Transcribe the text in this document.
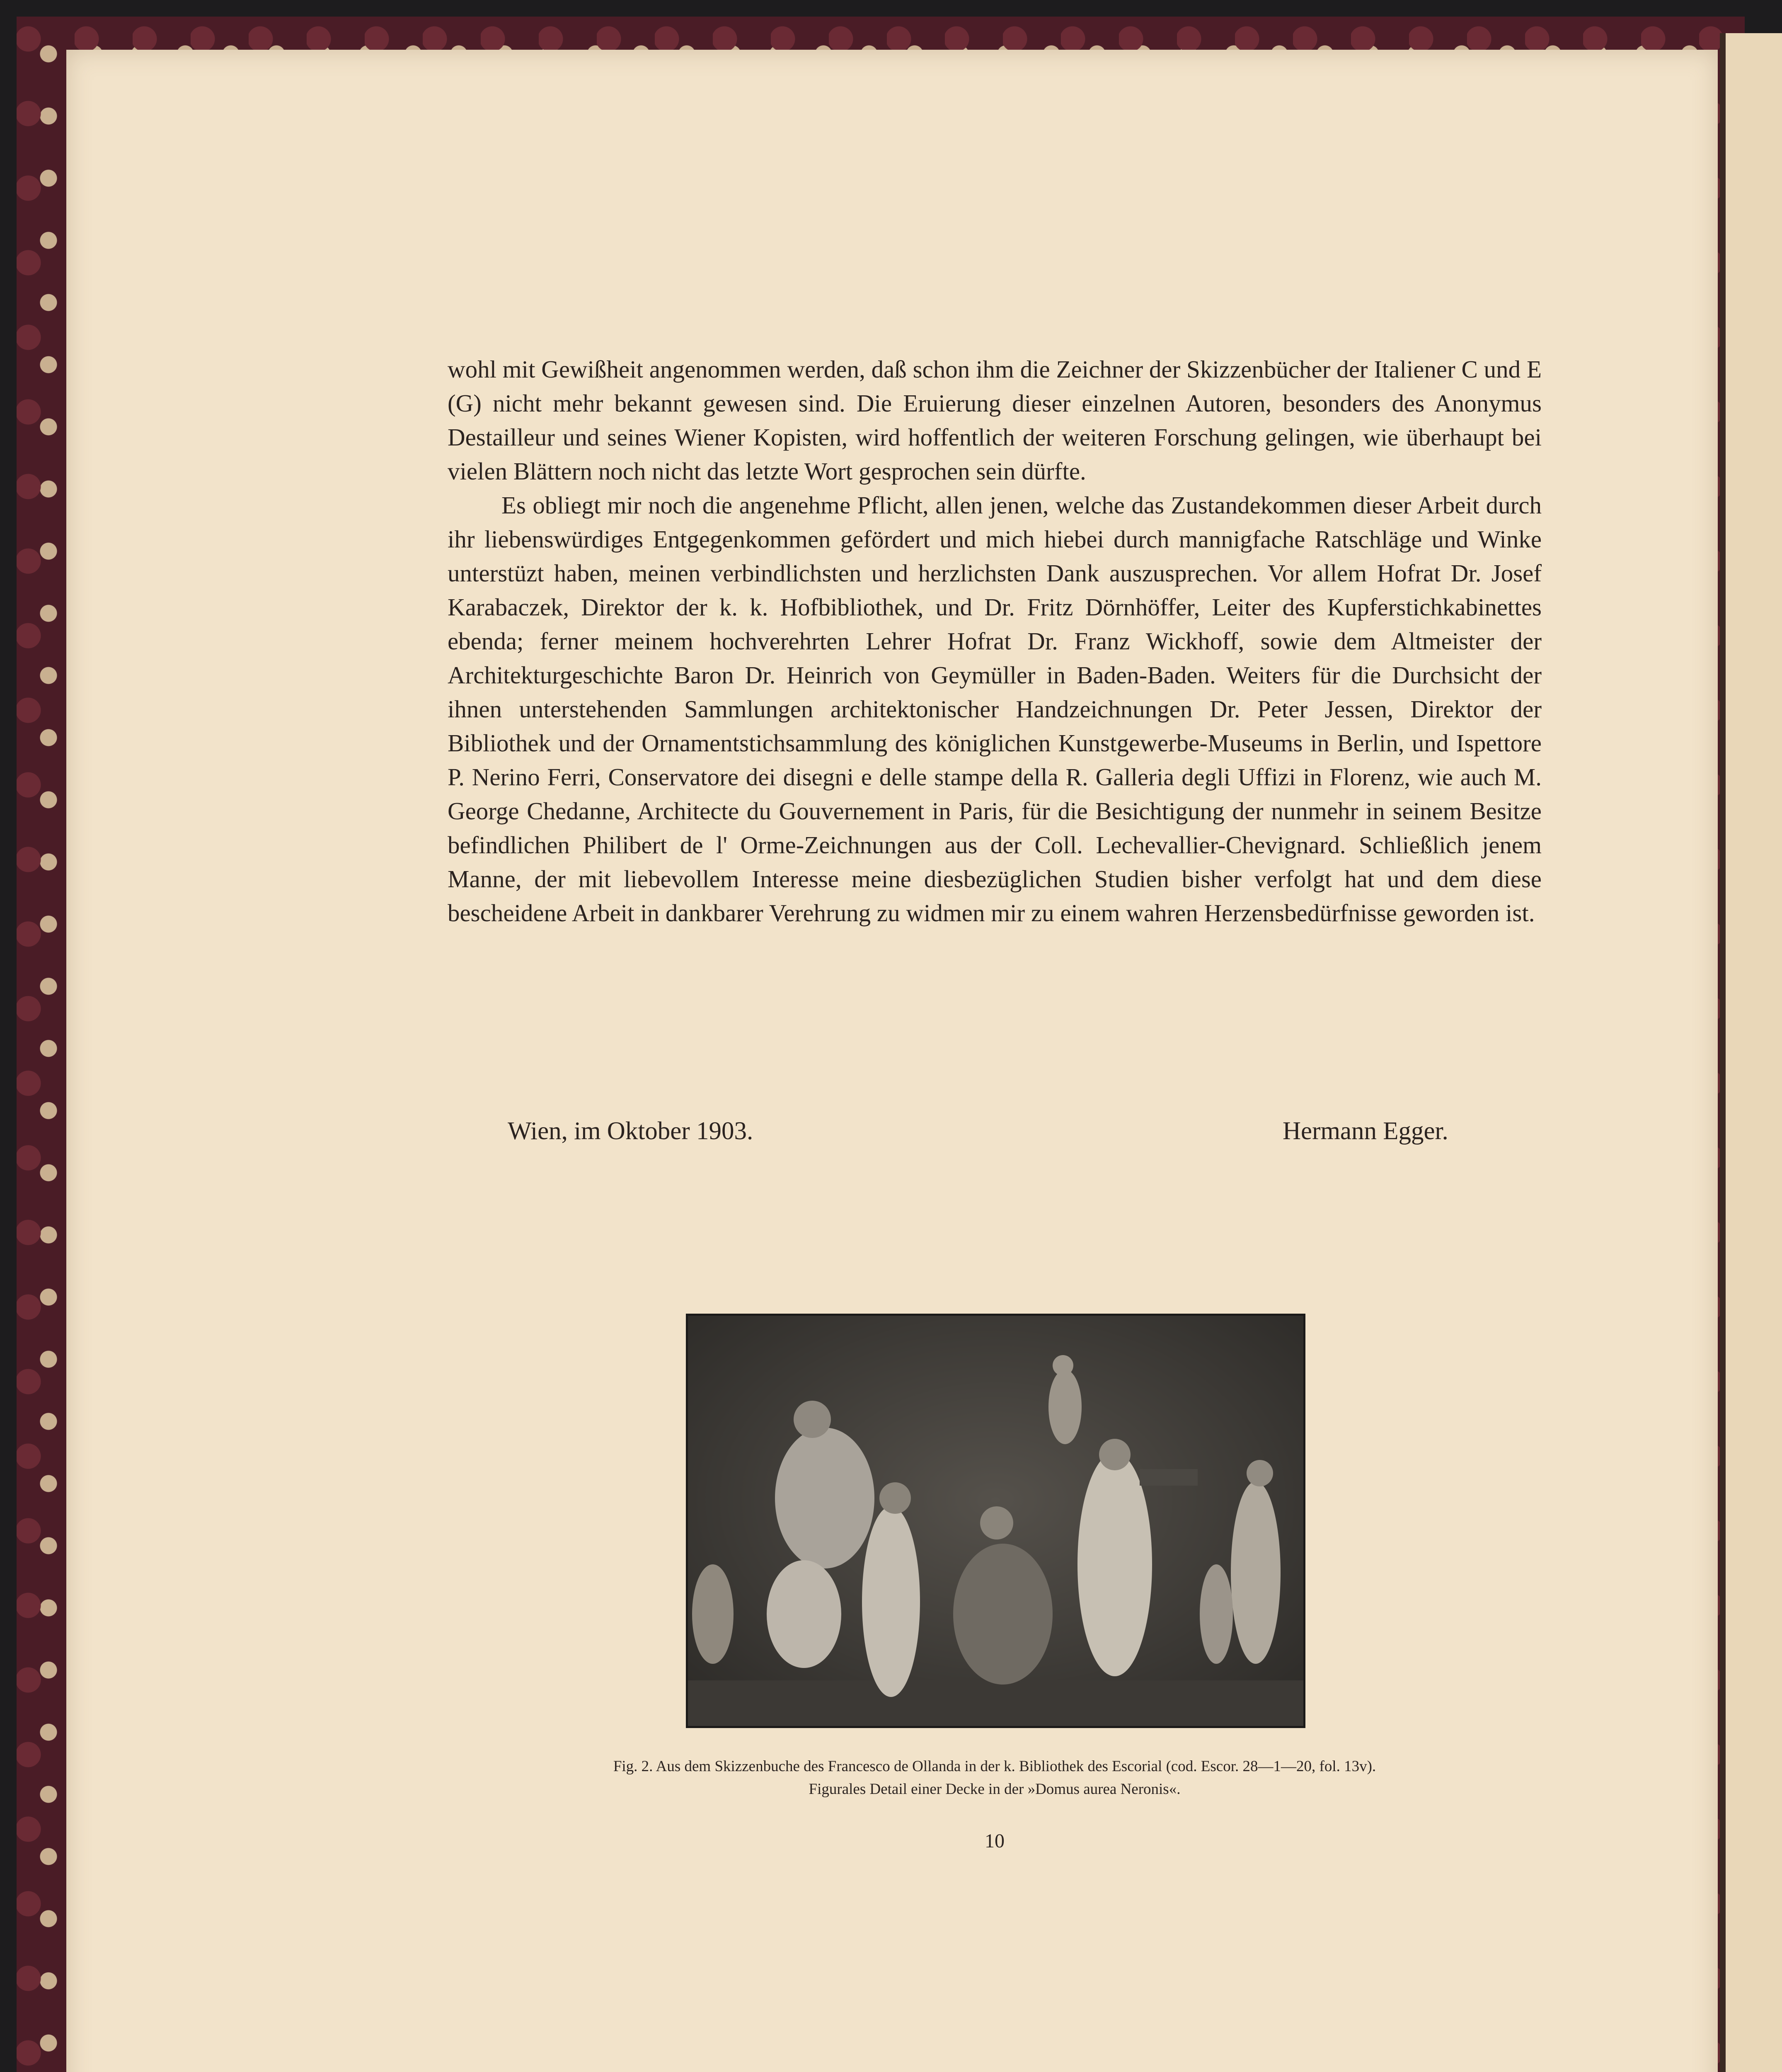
wohl mit Gewißheit angenommen werden, daß schon ihm die Zeichner der Skizzenbücher der Italiener C und E (G) nicht mehr bekannt gewesen sind. Die Eruierung dieser einzelnen Autoren, besonders des Anonymus Destailleur und seines Wiener Kopisten, wird hoffentlich der weiteren Forschung gelingen, wie überhaupt bei vielen Blättern noch nicht das letzte Wort gesprochen sein dürfte.

Es obliegt mir noch die angenehme Pflicht, allen jenen, welche das Zustandekommen dieser Arbeit durch ihr liebenswürdiges Entgegenkommen gefördert und mich hiebei durch mannigfache Ratschläge und Winke unterstüzt haben, meinen verbindlichsten und herzlichsten Dank auszusprechen. Vor allem Hofrat Dr. Josef Karabaczek, Direktor der k. k. Hofbibliothek, und Dr. Fritz Dörnhöffer, Leiter des Kupferstichkabinettes ebenda; ferner meinem hochverehrten Lehrer Hofrat Dr. Franz Wickhoff, sowie dem Altmeister der Architekturgeschichte Baron Dr. Heinrich von Geymüller in Baden-Baden. Weiters für die Durchsicht der ihnen unterstehenden Sammlungen architektonischer Handzeichnungen Dr. Peter Jessen, Direktor der Bibliothek und der Ornamentstichsammlung des königlichen Kunstgewerbe-Museums in Berlin, und Ispettore P. Nerino Ferri, Conservatore dei disegni e delle stampe della R. Galleria degli Uffizi in Florenz, wie auch M. George Chedanne, Architecte du Gouvernement in Paris, für die Besichtigung der nunmehr in seinem Besitze befindlichen Philibert de l' Orme-Zeichnungen aus der Coll. Lechevallier-Chevignard. Schließlich jenem Manne, der mit liebevollem Interesse meine diesbezüglichen Studien bisher verfolgt hat und dem diese bescheidene Arbeit in dankbarer Verehrung zu widmen mir zu einem wahren Herzensbedürfnisse geworden ist.

Wien, im Oktober 1903.	Hermann Egger.
Fig. 2. Aus dem Skizzenbuche des Francesco de Ollanda in der k. Bibliothek des Escorial (cod. Escor. 28—1—20, fol. 13v).
Figurales Detail einer Decke in der »Domus aurea Neronis«.
10
